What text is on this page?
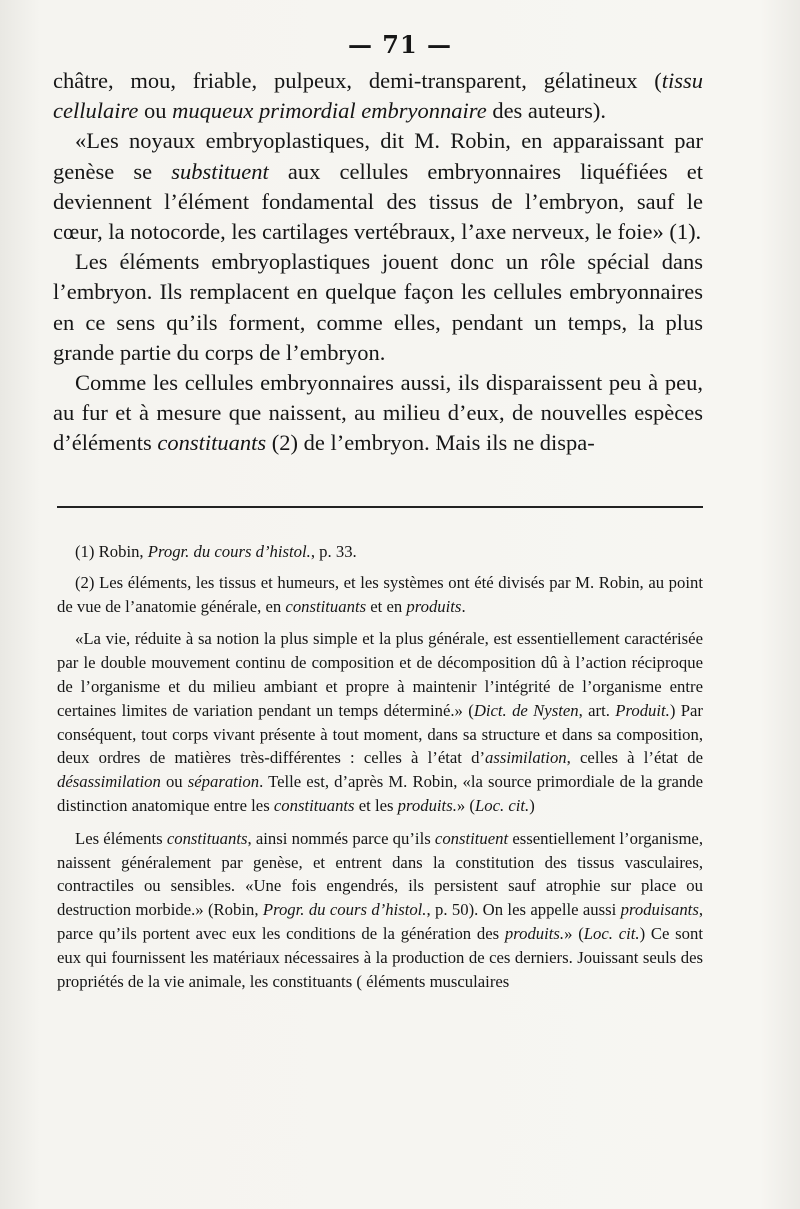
— 71 —

châtre, mou, friable, pulpeux, demi-transparent, gélatineux (tissu cellulaire ou muqueux primordial embryonnaire des auteurs).

«Les noyaux embryoplastiques, dit M. Robin, en apparaissant par genèse se substituent aux cellules embryonnaires liquéfiées et deviennent l’élément fondamental des tissus de l’embryon, sauf le cœur, la notocorde, les cartilages vertébraux, l’axe nerveux, le foie» (1).

Les éléments embryoplastiques jouent donc un rôle spécial dans l’embryon. Ils remplacent en quelque façon les cellules embryonnaires en ce sens qu’ils forment, comme elles, pendant un temps, la plus grande partie du corps de l’embryon.

Comme les cellules embryonnaires aussi, ils disparaissent peu à peu, au fur et à mesure que naissent, au milieu d’eux, de nouvelles espèces d’éléments constituants (2) de l’embryon. Mais ils ne dispa-

(1) Robin, Progr. du cours d’histol., p. 33.

(2) Les éléments, les tissus et humeurs, et les systèmes ont été divisés par M. Robin, au point de vue de l’anatomie générale, en constituants et en produits.

«La vie, réduite à sa notion la plus simple et la plus générale, est essentiellement caractérisée par le double mouvement continu de composition et de décomposition dû à l’action réciproque de l’organisme et du milieu ambiant et propre à maintenir l’intégrité de l’organisme entre certaines limites de variation pendant un temps déterminé.» (Dict. de Nysten, art. Produit.) Par conséquent, tout corps vivant présente à tout moment, dans sa structure et dans sa composition, deux ordres de matières très-différentes : celles à l’état d’assimilation, celles à l’état de désassimilation ou séparation. Telle est, d’après M. Robin, «la source primordiale de la grande distinction anatomique entre les constituants et les produits.» (Loc. cit.)

Les éléments constituants, ainsi nommés parce qu’ils constituent essentiellement l’organisme, naissent généralement par genèse, et entrent dans la constitution des tissus vasculaires, contractiles ou sensibles. «Une fois engendrés, ils persistent sauf atrophie sur place ou destruction morbide.» (Robin, Progr. du cours d’histol., p. 50). On les appelle aussi produisants, parce qu’ils portent avec eux les conditions de la génération des produits.» (Loc. cit.) Ce sont eux qui fournissent les matériaux nécessaires à la production de ces derniers. Jouissant seuls des propriétés de la vie animale, les constituants ( éléments musculaires
